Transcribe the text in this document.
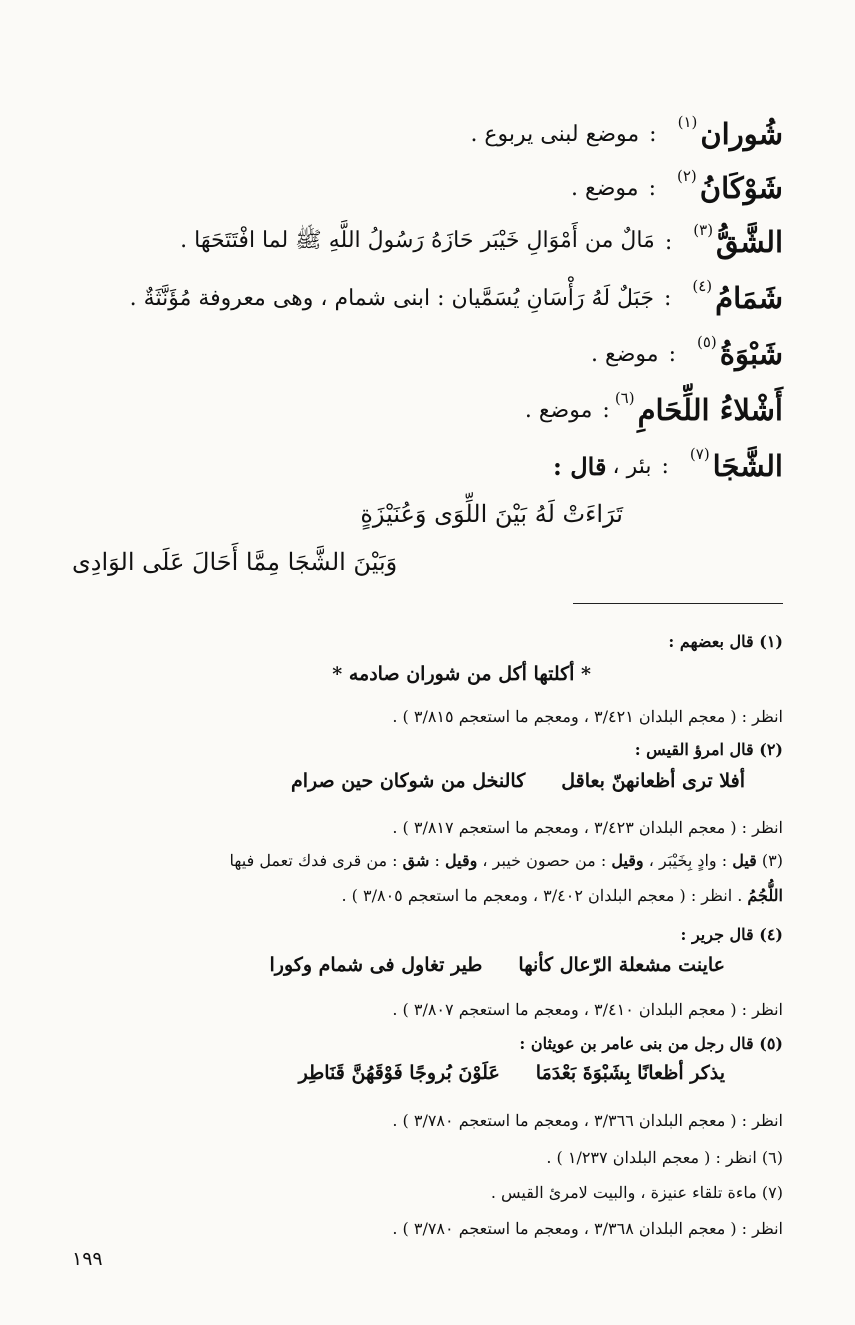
شُوران
(١)
:
موضع لبنى يربوع .
شَوْكَانُ
(٢)
:
موضع .
الشَّقُّ
(٣)
:
مَالٌ من أَمْوَالِ خَيْبَر حَازَهُ رَسُولُ اللَّهِ ﷺ لما افْتَتَحَهَا .
شَمَامُ
(٤)
:
جَبَلٌ لَهُ رَأْسَانِ يُسَمَّيان : ابنى شمام ، وهى معروفة مُؤَنَّثَةٌ .
شَبْوَةُ
(٥)
:
موضع .
أَشْلاءُ اللِّحَامِ
(٦)
:
موضع .
الشَّجَا
(٧)
:
بئر ،
قال :
تَرَاءَتْ لَهُ بَيْنَ اللِّوَى وَعُنَيْزَةٍ
وَبَيْنَ الشَّجَا مِمَّا أَحَالَ عَلَى الوَادِى
(١) قال بعضهم :
* أكلتها أكل من شوران صادمه *
انظر : ( معجم البلدان ٣/٤٢١ ، ومعجم ما استعجم ٣/٨١٥ ) .
(٢) قال امرؤ القيس :
أفلا ترى أظعانهنّ بعاقلكالنخل من شوكان حين صرام
انظر : ( معجم البلدان ٣/٤٢٣ ، ومعجم ما استعجم ٣/٨١٧ ) .
(٣) قيل : وادٍ بِخَيْبَر ، وقيل : من حصون خيبر ، وقيل : شق : من قرى فدك تعمل فيها
اللُّجُمُ . انظر : ( معجم البلدان ٣/٤٠٢ ، ومعجم ما استعجم ٣/٨٠٥ ) .
(٤) قال جرير :
عاينت مشعلة الرّعال كأنهاطير تغاول فى شمام وكورا
انظر : ( معجم البلدان ٣/٤١٠ ، ومعجم ما استعجم ٣/٨٠٧ ) .
(٥) قال رجل من بنى عامر بن عويثان :
يذكر أظعانًا بِشَبْوَةَ بَعْدَمَاعَلَوْنَ بُروجًا فَوْقَهُنَّ قَنَاطِر
انظر : ( معجم البلدان ٣/٣٦٦ ، ومعجم ما استعجم ٣/٧٨٠ ) .
(٦) انظر : ( معجم البلدان ١/٢٣٧ ) .
(٧) ماءة تلقاء عنيزة ، والبيت لامرئ القيس .
انظر : ( معجم البلدان ٣/٣٦٨ ، ومعجم ما استعجم ٣/٧٨٠ ) .
١٩٩
